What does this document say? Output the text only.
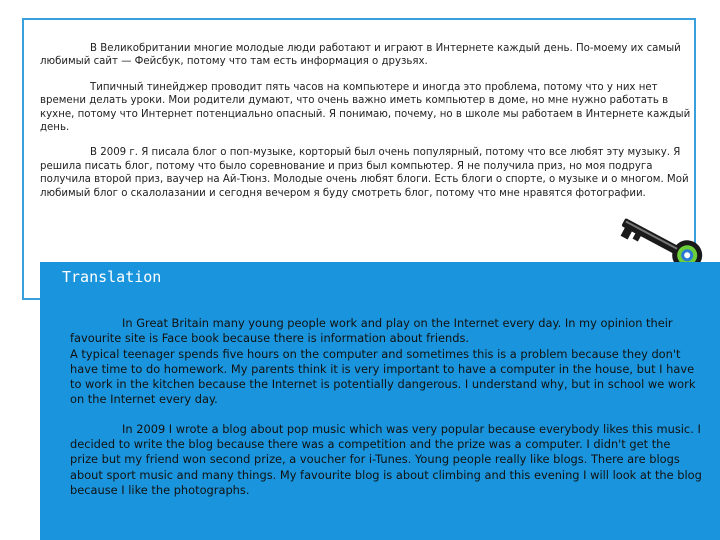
В Великобритании многие молодые люди работают и играют в Интернете каждый день. По-моему их самый любимый сайт — Фейсбук, потому что там есть информация о друзьях.

Типичный тинейджер проводит пять часов на компьютере и иногда это проблема, потому что у них нет времени делать уроки. Мои родители думают, что очень важно иметь компьютер в доме, но мне нужно работать в кухне, потому что Интернет потенциально опасный. Я понимаю, почему, но в школе мы работаем в Интернете каждый день.

В 2009 г. Я писала блог о поп-музыке, корторый был очень популярный, потому что все любят эту музыку. Я решила писать блог, потому что было соревнование и приз был компьютер. Я не получила приз, но моя подруга получила второй приз, ваучер на Ай-Тюнз. Молодые очень любят блоги. Есть блоги о спорте, о музыке и о многом. Мой любимый блог о скалолазании и сегодня вечером я буду смотреть блог, потому что мне нравятся фотографии.

Translation

In Great Britain many young people work and play on the Internet every day. In my opinion their favourite site is Face book because there is information about friends.
A typical teenager spends five hours on the computer and sometimes this is a problem because they don't have time to do homework. My parents think it is very important to have a computer in the house, but I have to work in the kitchen because the Internet is potentially dangerous. I understand why, but in school we work on the Internet every day.

In 2009 I wrote a blog about pop music which was very popular because everybody likes this music. I decided to write the blog because there was a competition and the prize was a computer. I didn't get the prize but my friend won second prize, a voucher for i-Tunes. Young people really like blogs. There are blogs about sport music and many things. My favourite blog is about climbing and this evening I will look at the blog because I like the photographs.
